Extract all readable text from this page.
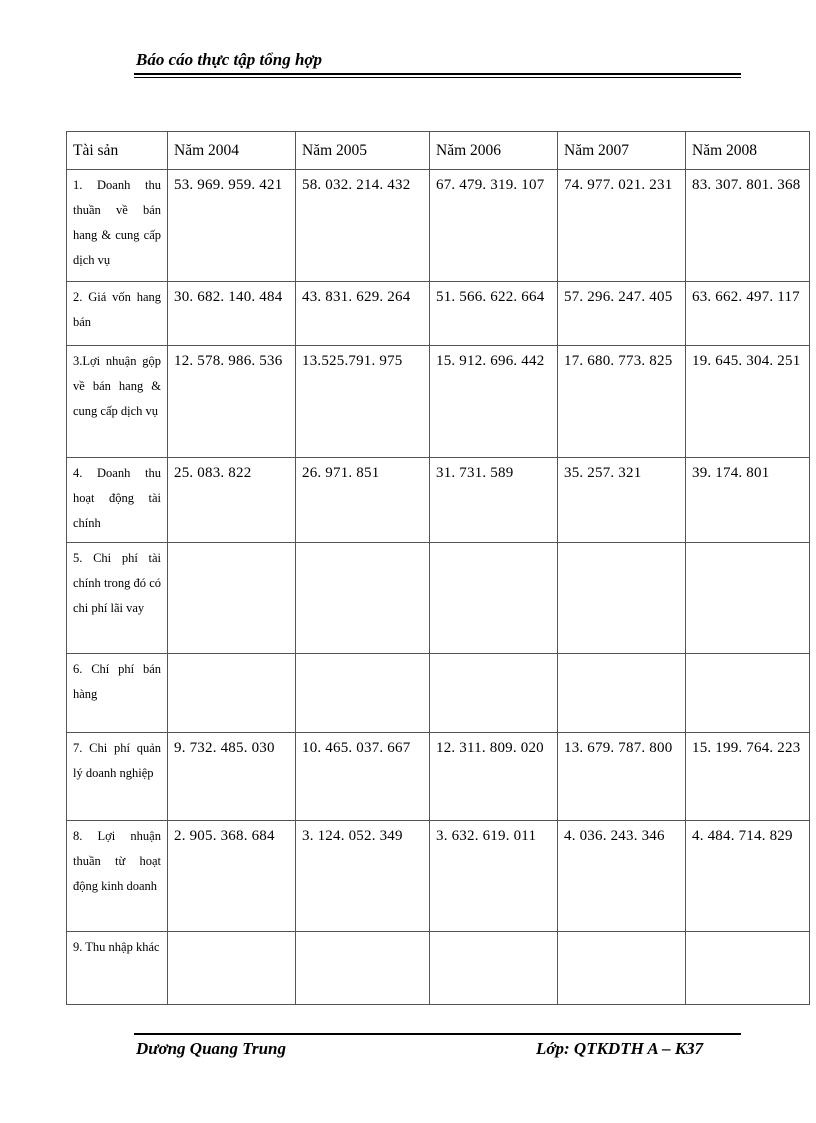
Báo cáo thực tập tổng hợp
Tài sản	Năm 2004	Năm 2005	Năm 2006	Năm 2007	Năm 2008
1. Doanh thu thuần về bán hang & cung cấp dịch vụ	53. 969. 959. 421	58. 032. 214. 432	67. 479. 319. 107	74. 977. 021. 231	83. 307. 801. 368
2. Giá vốn hang bán	30. 682. 140. 484	43. 831. 629. 264	51. 566. 622. 664	57. 296. 247. 405	63. 662. 497. 117
3.Lợi nhuận gộp về bán hang & cung cấp dịch vụ	12. 578. 986. 536	13.525.791. 975	15. 912. 696. 442	17. 680. 773. 825	19. 645. 304. 251
4. Doanh thu hoạt động tài chính	25. 083. 822	26. 971. 851	31. 731. 589	35. 257. 321	39. 174. 801
5. Chi phí tài chính trong đó có chi phí lãi vay					
6. Chí phí bán hàng					
7. Chi phí quản lý doanh nghiệp	9. 732. 485. 030	10. 465. 037. 667	12. 311. 809. 020	13. 679. 787. 800	15. 199. 764. 223
8. Lợi nhuận thuần từ hoạt động kinh doanh	2. 905. 368. 684	3. 124. 052. 349	3. 632. 619. 011	4. 036. 243. 346	4. 484. 714. 829
9. Thu nhập khác					
Dương Quang Trung	Lớp: QTKDTH A – K37
